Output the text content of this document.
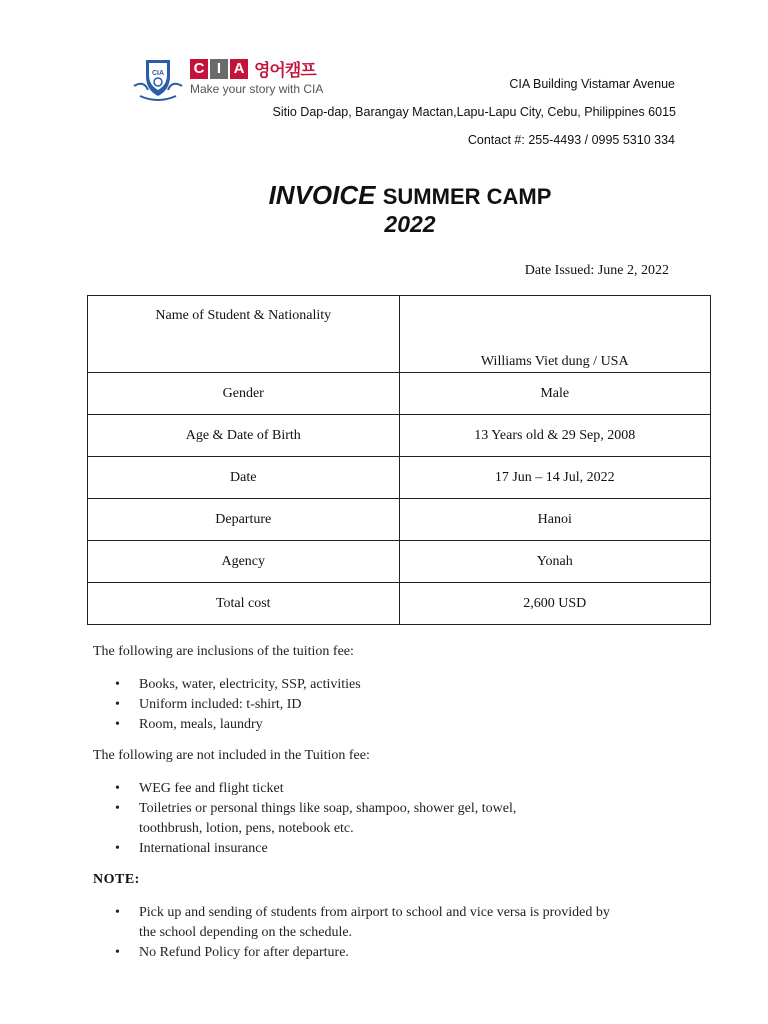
CIA C I A 영어캠프
Make your story with CIA	CIA Building Vistamar Avenue
Sitio Dap-dap, Barangay Mactan,Lapu-Lapu City, Cebu, Philippines 6015
Contact #: 255-4493 / 0995 5310 334
INVOICE SUMMER CAMP
2022
Date Issued: June 2, 2022
Name of Student & Nationality	Williams Viet dung / USA
Gender	Male
Age & Date of Birth	13 Years old & 29 Sep, 2008
Date	17 Jun – 14 Jul, 2022
Departure	Hanoi
Agency	Yonah
Total cost	2,600 USD
The following are inclusions of the tuition fee:
• Books, water, electricity, SSP, activities
• Uniform included: t-shirt, ID
• Room, meals, laundry
The following are not included in the Tuition fee:
• WEG fee and flight ticket
• Toiletries or personal things like soap, shampoo, shower gel, towel,
toothbrush, lotion, pens, notebook etc.
• International insurance
NOTE:
• Pick up and sending of students from airport to school and vice versa is provided by
the school depending on the schedule.
• No Refund Policy for after departure.
